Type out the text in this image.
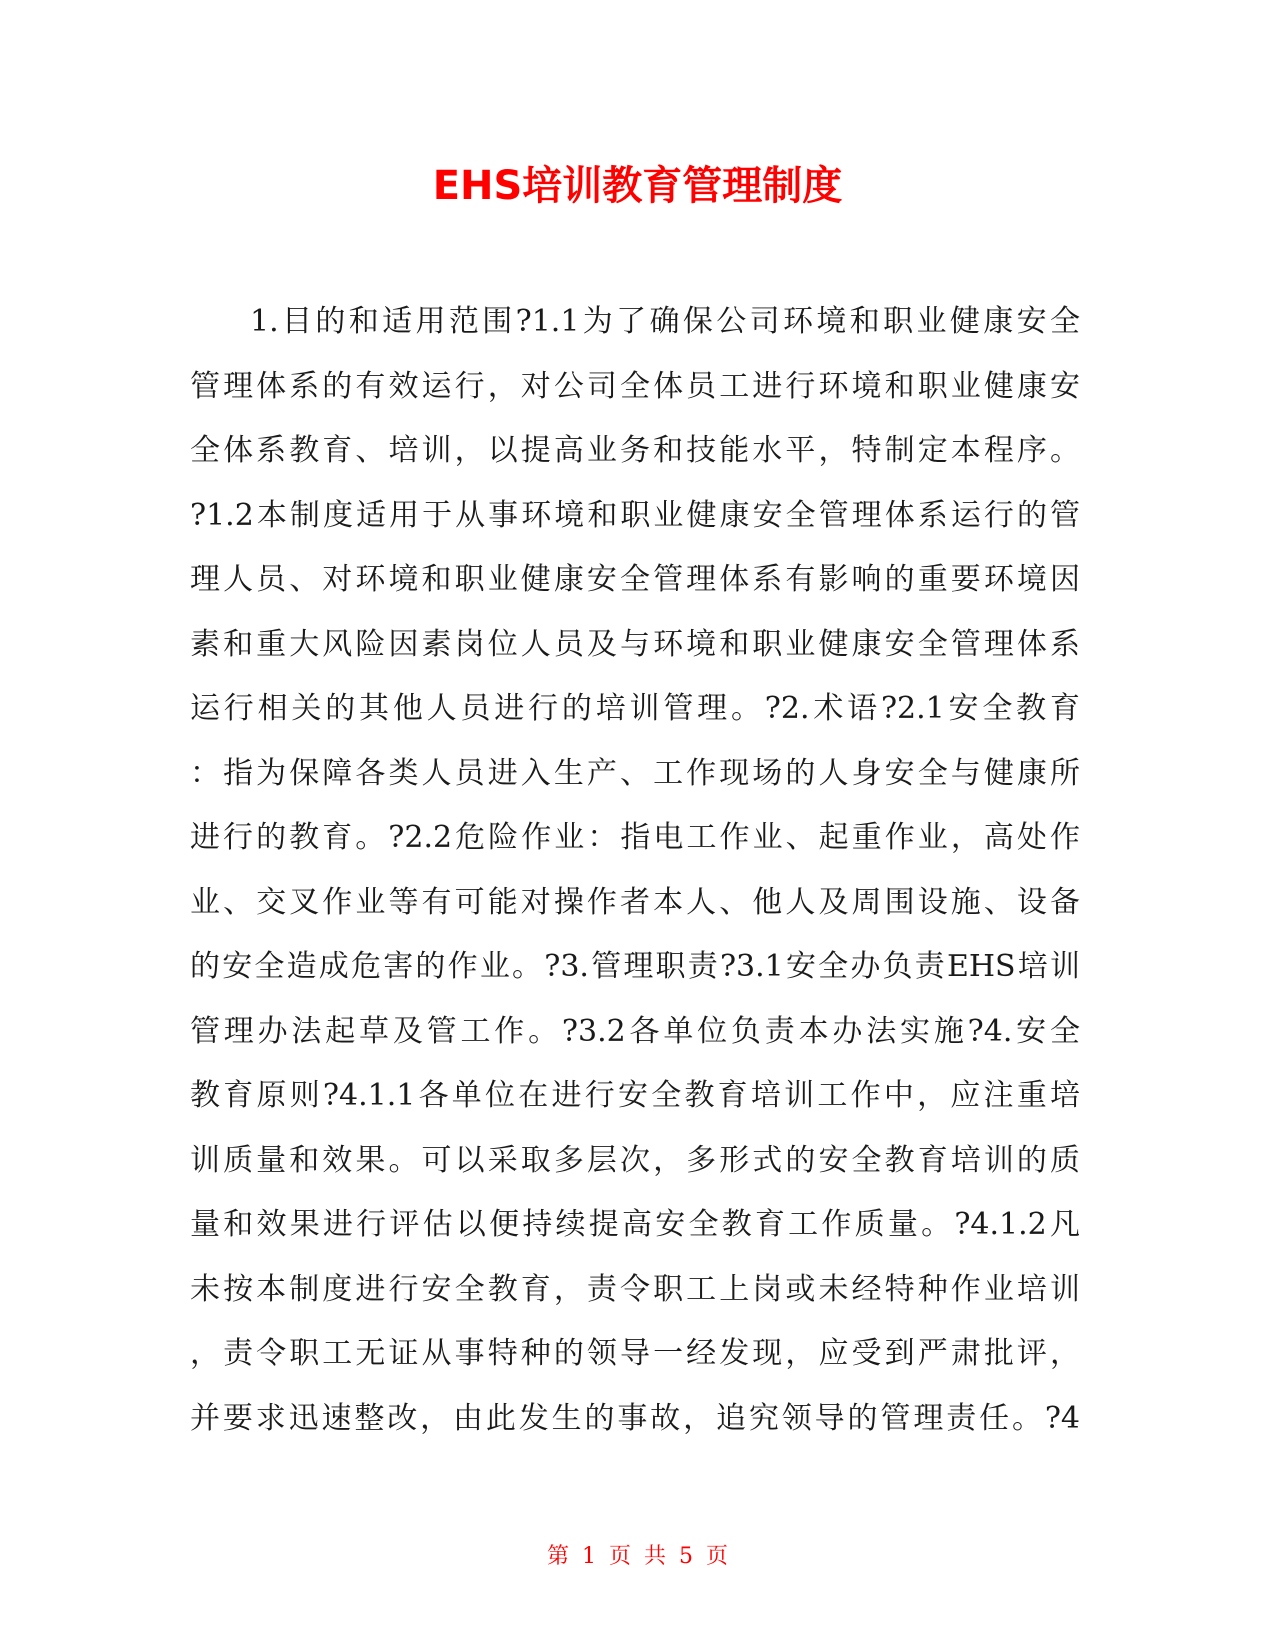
EHS培训教育管理制度
1.目的和适用范围?1.1为了确保公司环境和职业健康安全
管理体系的有效运行，对公司全体员工进行环境和职业健康安
全体系教育、培训，以提高业务和技能水平，特制定本程序。
?1.2本制度适用于从事环境和职业健康安全管理体系运行的管
理人员、对环境和职业健康安全管理体系有影响的重要环境因
素和重大风险因素岗位人员及与环境和职业健康安全管理体系
运行相关的其他人员进行的培训管理。?2.术语?2.1安全教育
：指为保障各类人员进入生产、工作现场的人身安全与健康所
进行的教育。?2.2危险作业：指电工作业、起重作业，高处作
业、交叉作业等有可能对操作者本人、他人及周围设施、设备
的安全造成危害的作业。?3.管理职责?3.1安全办负责EHS培训
管理办法起草及管工作。?3.2各单位负责本办法实施?4.安全
教育原则?4.1.1各单位在进行安全教育培训工作中，应注重培
训质量和效果。可以采取多层次，多形式的安全教育培训的质
量和效果进行评估以便持续提高安全教育工作质量。?4.1.2凡
未按本制度进行安全教育，责令职工上岗或未经特种作业培训
，责令职工无证从事特种的领导一经发现，应受到严肃批评，
并要求迅速整改，由此发生的事故，追究领导的管理责任。?4
第 1 页 共 5 页
